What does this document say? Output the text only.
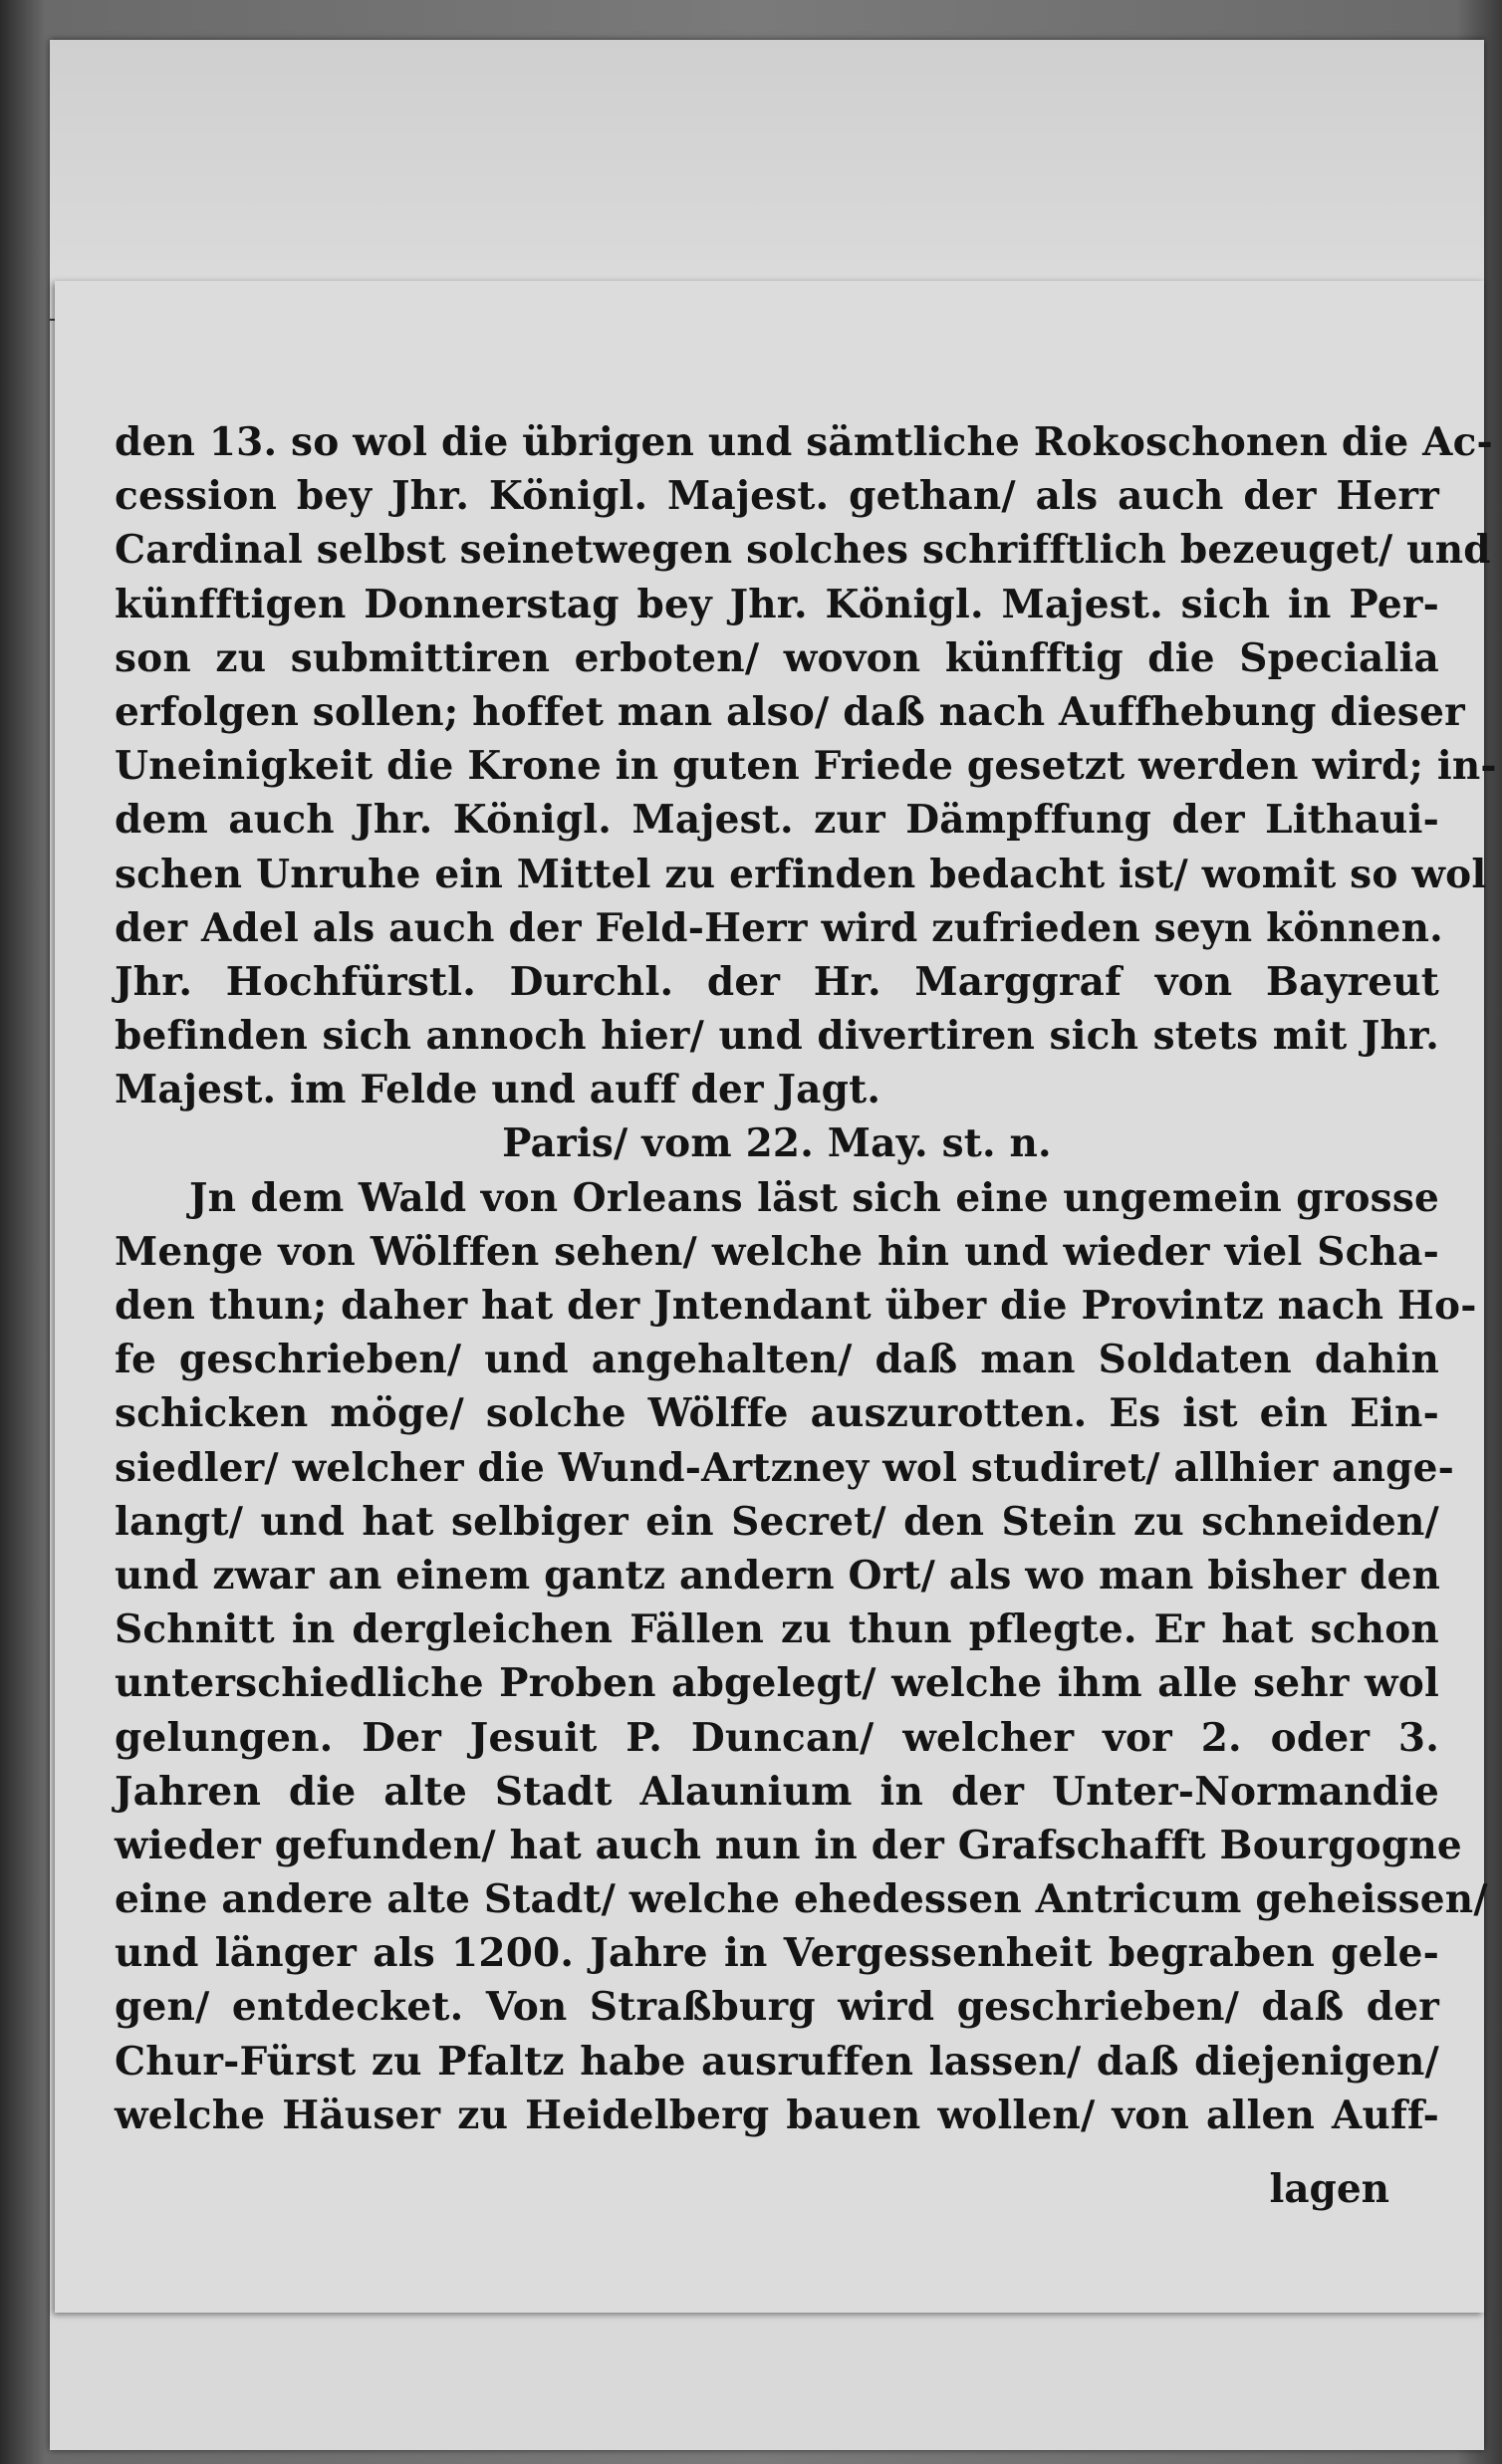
den 13. so wol die übrigen und sämtliche Rokoschonen die Ac-
cession bey Jhr. Königl. Majest. gethan/ als auch der Herr
Cardinal selbst seinetwegen solches schrifftlich bezeuget/ und
künfftigen Donnerstag bey Jhr. Königl. Majest. sich in Per-
son zu submittiren erboten/ wovon künfftig die Specialia
erfolgen sollen; hoffet man also/ daß nach Auffhebung dieser
Uneinigkeit die Krone in guten Friede gesetzt werden wird; in-
dem auch Jhr. Königl. Majest. zur Dämpffung der Lithaui-
schen Unruhe ein Mittel zu erfinden bedacht ist/ womit so wol
der Adel als auch der Feld-Herr wird zufrieden seyn können.
Jhr. Hochfürstl. Durchl. der Hr. Marggraf von Bayreut
befinden sich annoch hier/ und divertiren sich stets mit Jhr.
Majest. im Felde und auff der Jagt.
Paris/ vom 22. May. st. n.
Jn dem Wald von Orleans läst sich eine ungemein grosse
Menge von Wölffen sehen/ welche hin und wieder viel Scha-
den thun; daher hat der Jntendant über die Provintz nach Ho-
fe geschrieben/ und angehalten/ daß man Soldaten dahin
schicken möge/ solche Wölffe auszurotten. Es ist ein Ein-
siedler/ welcher die Wund-Artzney wol studiret/ allhier ange-
langt/ und hat selbiger ein Secret/ den Stein zu schneiden/
und zwar an einem gantz andern Ort/ als wo man bisher den
Schnitt in dergleichen Fällen zu thun pflegte. Er hat schon
unterschiedliche Proben abgelegt/ welche ihm alle sehr wol
gelungen. Der Jesuit P. Duncan/ welcher vor 2. oder 3.
Jahren die alte Stadt Alaunium in der Unter-Normandie
wieder gefunden/ hat auch nun in der Grafschafft Bourgogne
eine andere alte Stadt/ welche ehedessen Antricum geheissen/
und länger als 1200. Jahre in Vergessenheit begraben gele-
gen/ entdecket. Von Straßburg wird geschrieben/ daß der
Chur-Fürst zu Pfaltz habe ausruffen lassen/ daß diejenigen/
welche Häuser zu Heidelberg bauen wollen/ von allen Auff-
lagen
